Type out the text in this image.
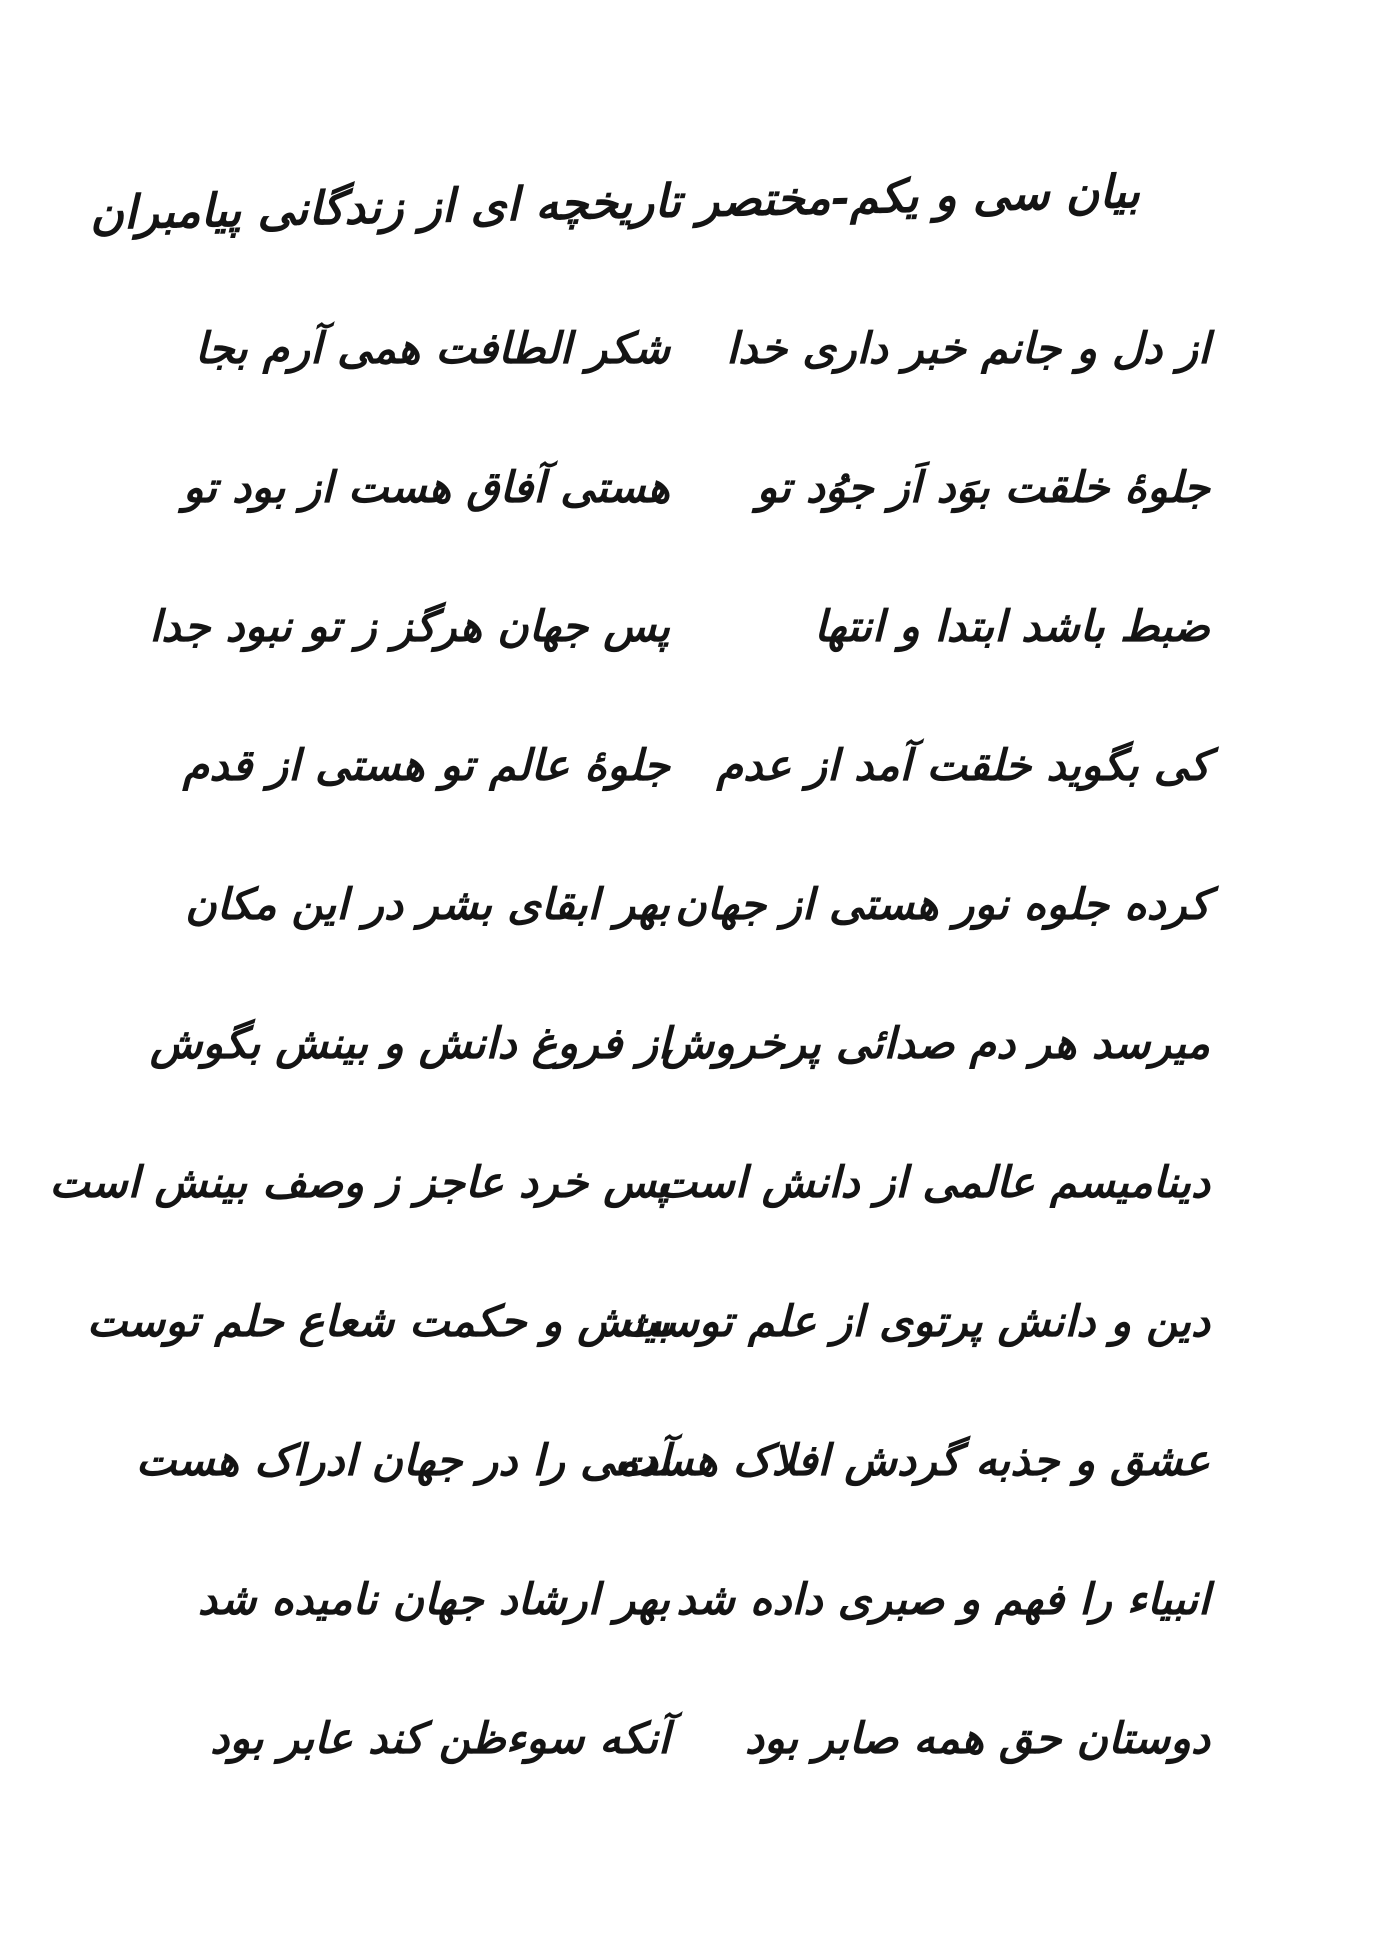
بیان سی و یکم-مختصر تاریخچه ای از زندگانی پیامبران
از دل و جانم خبر داری خدا
شکر الطافت همی آرم بجا
جلوهٔ خلقت بوَد اَز جوُد تو
هستی آفاق هست از بود تو
ضبط باشد ابتدا و انتها
پس جهان هرگز ز تو نبود جدا
کی بگوید خلقت آمد از عدم
جلوهٔ عالم تو هستی از قدم
کرده جلوه نور هستی از جهان
بهر ابقای بشر در این مکان
میرسد هر دم صدائی پرخروش
از فروغ دانش و بینش بگوش
دینامیسم عالمی از دانش است
پس خرد عاجز ز وصف بینش است
دین و دانش پرتوی از علم توست
بینش و حکمت شعاع حلم توست
عشق و جذبه گردش افلاک هست
آدمی را در جهان ادراک هست
انبیاء را فهم و صبری داده شد
بهر ارشاد جهان نامیده شد
دوستان حق همه صابر بود
آنکه سوءظن کند عابر بود
